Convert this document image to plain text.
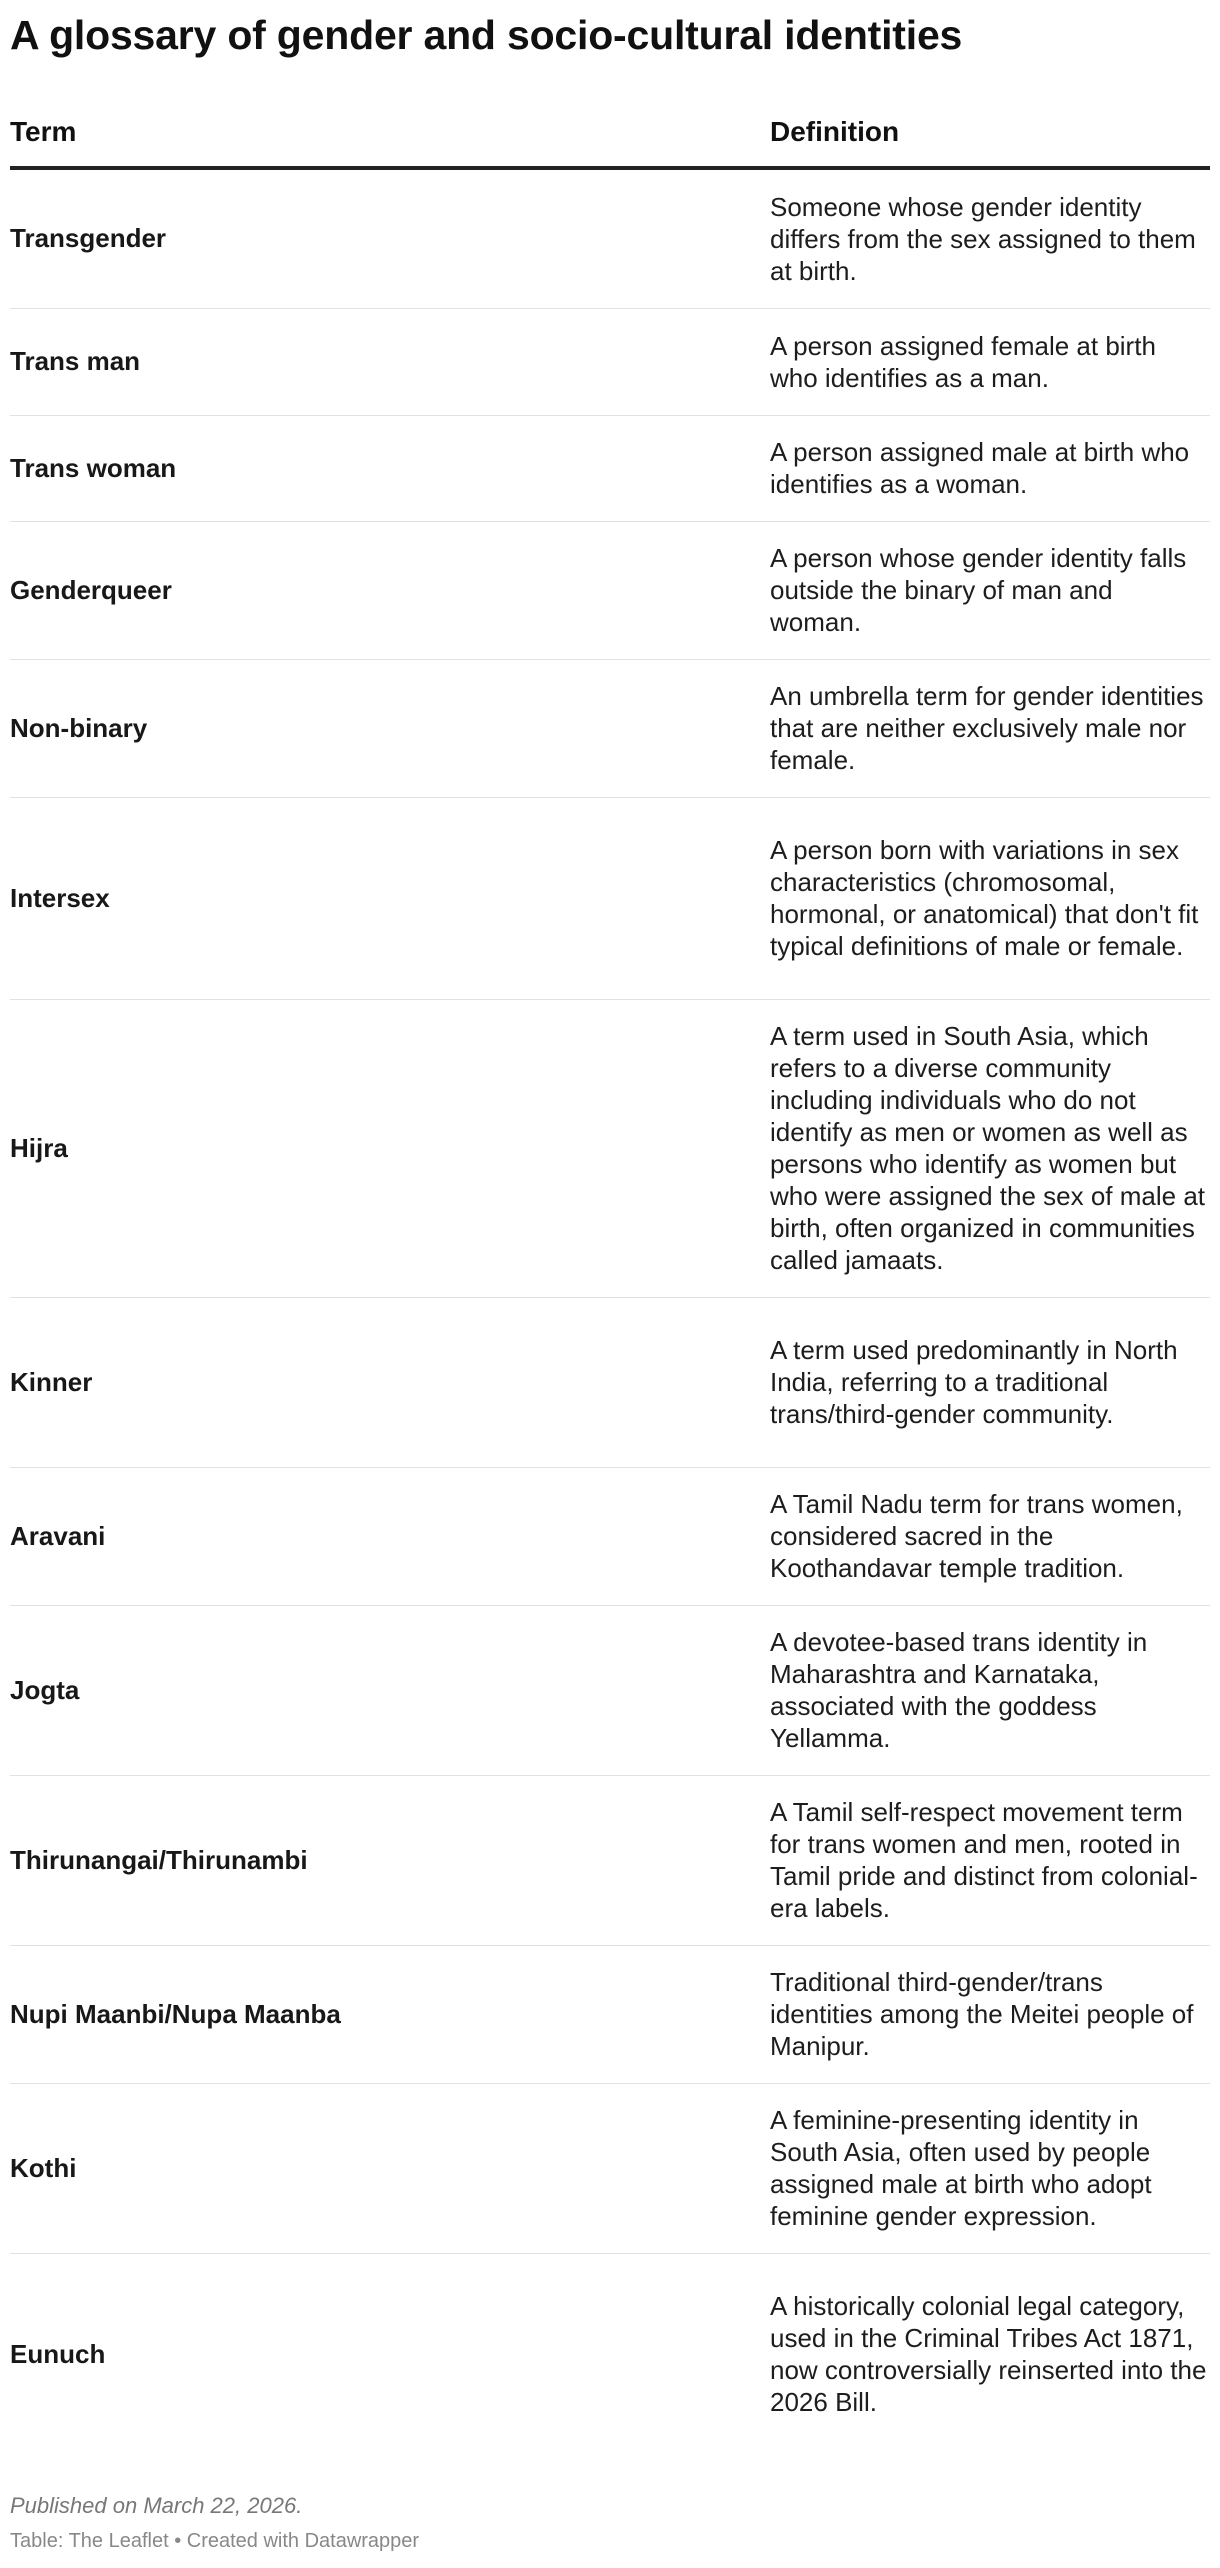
A glossary of gender and socio-cultural identities
Term	Definition
Transgender	Someone whose gender identity differs from the sex assigned to them at birth.
Trans man	A person assigned female at birth who identifies as a man.
Trans woman	A person assigned male at birth who identifies as a woman.
Genderqueer	A person whose gender identity falls outside the binary of man and woman.
Non-binary	An umbrella term for gender identities that are neither exclusively male nor female.
Intersex	A person born with variations in sex characteristics (chromosomal, hormonal, or anatomical) that don't fit typical definitions of male or female.
Hijra	A term used in South Asia, which refers to a diverse community including individuals who do not identify as men or women as well as persons who identify as women but who were assigned the sex of male at birth, often organized in communities called jamaats.
Kinner	A term used predominantly in North India, referring to a traditional trans/third-gender community.
Aravani	A Tamil Nadu term for trans women, considered sacred in the Koothandavar temple tradition.
Jogta	A devotee-based trans identity in Maharashtra and Karnataka, associated with the goddess Yellamma.
Thirunangai/Thirunambi	A Tamil self-respect movement term for trans women and men, rooted in Tamil pride and distinct from colonial-era labels.
Nupi Maanbi/Nupa Maanba	Traditional third-gender/trans identities among the Meitei people of Manipur.
Kothi	A feminine-presenting identity in South Asia, often used by people assigned male at birth who adopt feminine gender expression.
Eunuch	A historically colonial legal category, used in the Criminal Tribes Act 1871, now controversially reinserted into the 2026 Bill.
Published on March 22, 2026.
Table: The Leaflet • Created with Datawrapper
